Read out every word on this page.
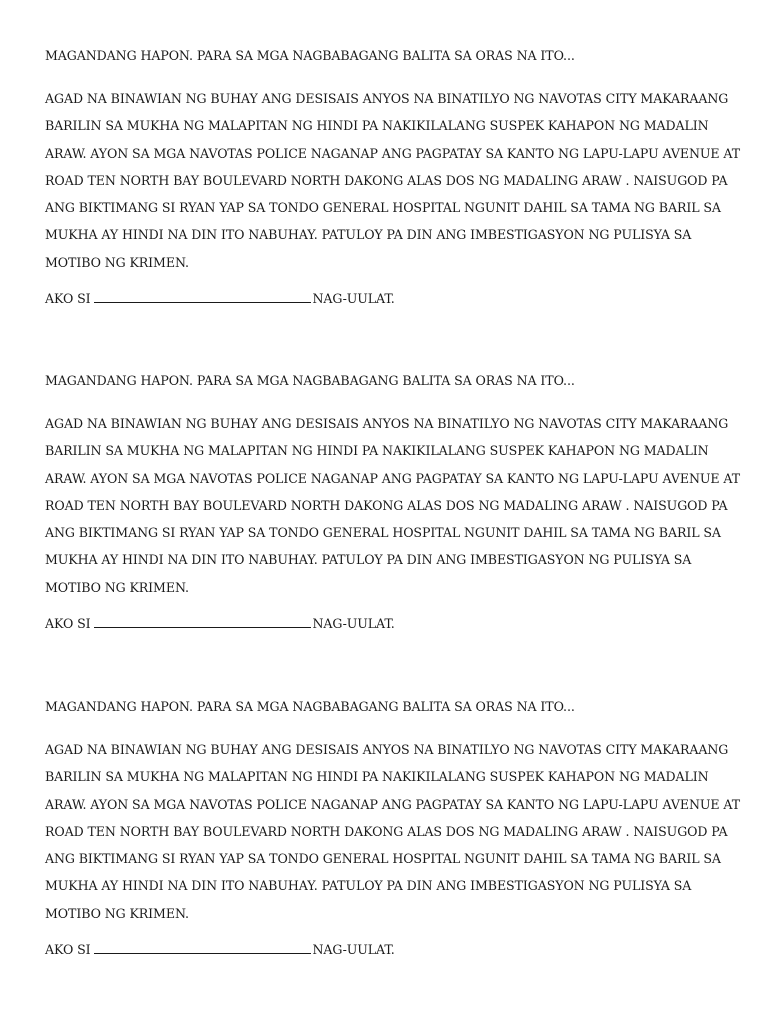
MAGANDANG HAPON. PARA SA MGA NAGBABAGANG BALITA SA ORAS NA ITO...

AGAD NA BINAWIAN NG BUHAY ANG DESISAIS ANYOS NA BINATILYO NG NAVOTAS CITY MAKARAANG
BARILIN SA MUKHA NG MALAPITAN NG HINDI PA NAKIKILALANG SUSPEK KAHAPON NG MADALIN
ARAW. AYON SA MGA NAVOTAS POLICE NAGANAP ANG PAGPATAY SA KANTO NG LAPU-LAPU AVENUE AT
ROAD TEN NORTH BAY BOULEVARD NORTH DAKONG ALAS DOS NG MADALING ARAW . NAISUGOD PA
ANG BIKTIMANG SI RYAN YAP SA TONDO GENERAL HOSPITAL NGUNIT DAHIL SA TAMA NG BARIL SA
MUKHA AY HINDI NA DIN ITO NABUHAY. PATULOY PA DIN ANG IMBESTIGASYON NG PULISYA SA
MOTIBO NG KRIMEN.
AKO SI	NAG-UULAT.

MAGANDANG HAPON. PARA SA MGA NAGBABAGANG BALITA SA ORAS NA ITO...

AGAD NA BINAWIAN NG BUHAY ANG DESISAIS ANYOS NA BINATILYO NG NAVOTAS CITY MAKARAANG
BARILIN SA MUKHA NG MALAPITAN NG HINDI PA NAKIKILALANG SUSPEK KAHAPON NG MADALIN
ARAW. AYON SA MGA NAVOTAS POLICE NAGANAP ANG PAGPATAY SA KANTO NG LAPU-LAPU AVENUE AT
ROAD TEN NORTH BAY BOULEVARD NORTH DAKONG ALAS DOS NG MADALING ARAW . NAISUGOD PA
ANG BIKTIMANG SI RYAN YAP SA TONDO GENERAL HOSPITAL NGUNIT DAHIL SA TAMA NG BARIL SA
MUKHA AY HINDI NA DIN ITO NABUHAY. PATULOY PA DIN ANG IMBESTIGASYON NG PULISYA SA
MOTIBO NG KRIMEN.
AKO SI	NAG-UULAT.

MAGANDANG HAPON. PARA SA MGA NAGBABAGANG BALITA SA ORAS NA ITO...

AGAD NA BINAWIAN NG BUHAY ANG DESISAIS ANYOS NA BINATILYO NG NAVOTAS CITY MAKARAANG
BARILIN SA MUKHA NG MALAPITAN NG HINDI PA NAKIKILALANG SUSPEK KAHAPON NG MADALIN
ARAW. AYON SA MGA NAVOTAS POLICE NAGANAP ANG PAGPATAY SA KANTO NG LAPU-LAPU AVENUE AT
ROAD TEN NORTH BAY BOULEVARD NORTH DAKONG ALAS DOS NG MADALING ARAW . NAISUGOD PA
ANG BIKTIMANG SI RYAN YAP SA TONDO GENERAL HOSPITAL NGUNIT DAHIL SA TAMA NG BARIL SA
MUKHA AY HINDI NA DIN ITO NABUHAY. PATULOY PA DIN ANG IMBESTIGASYON NG PULISYA SA
MOTIBO NG KRIMEN.
AKO SI	NAG-UULAT.
